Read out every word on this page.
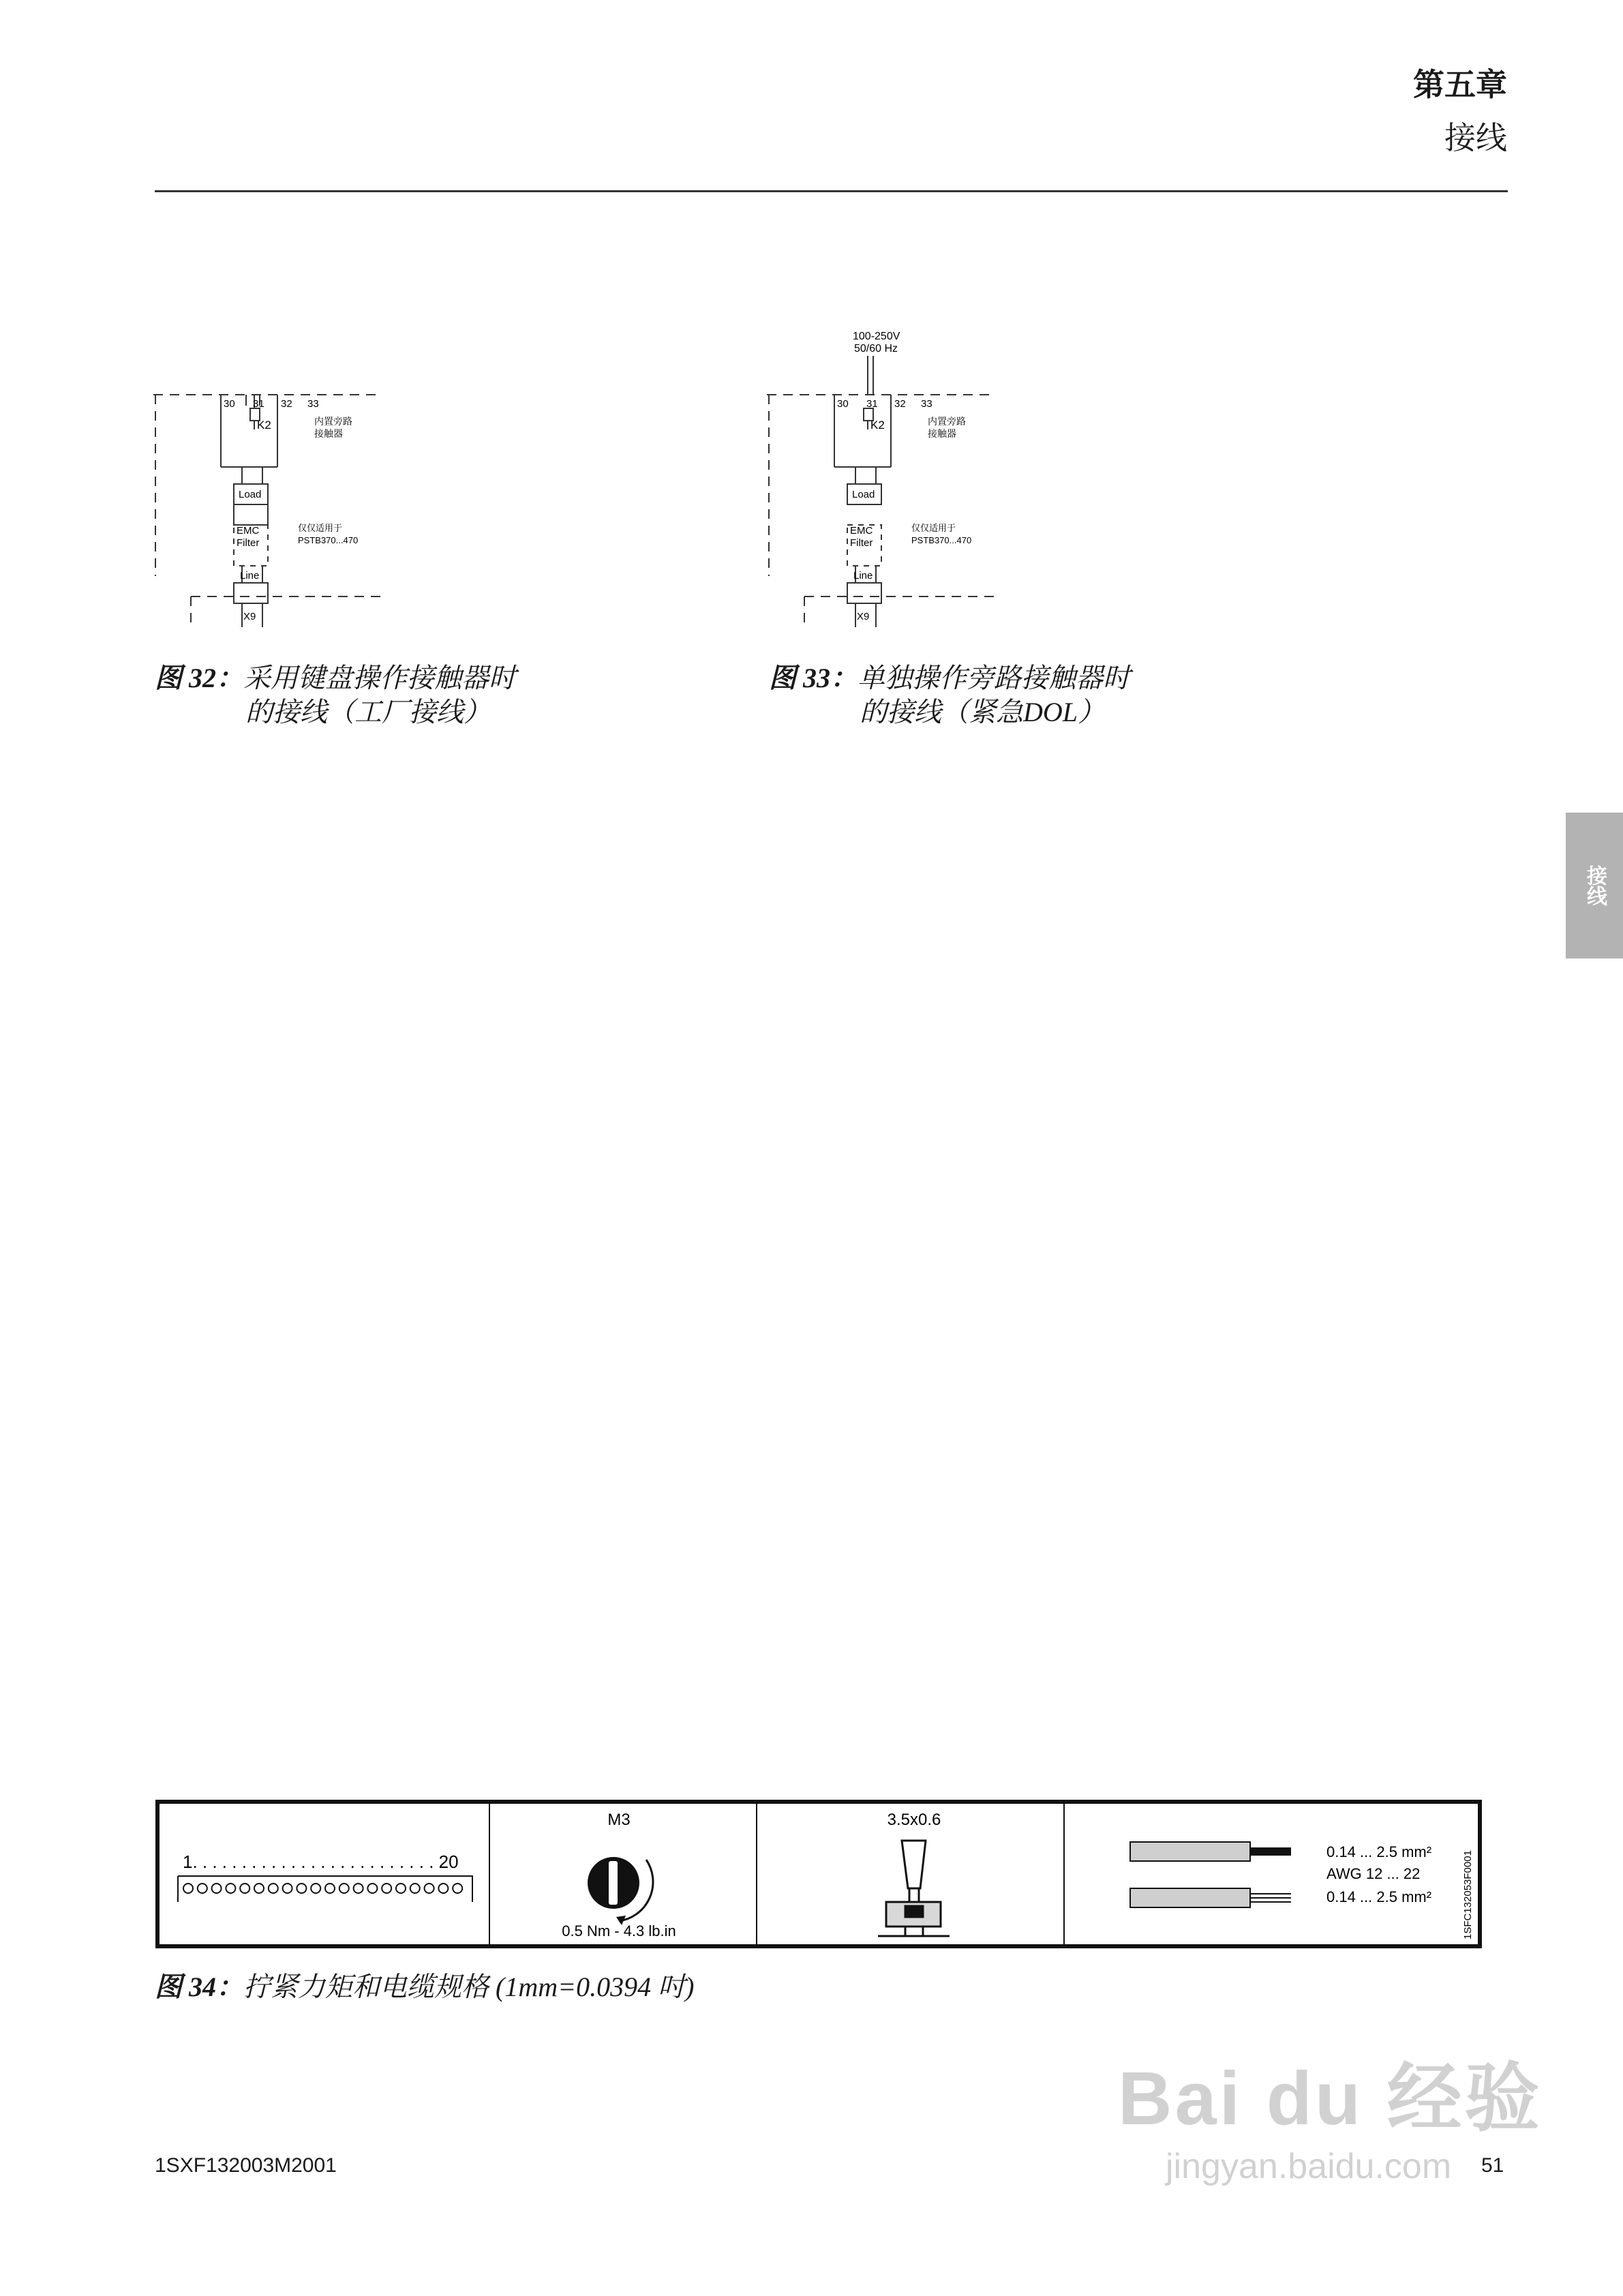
第五章
接线
接线
30 31 32 33
K2	内置旁路
接触器
Load
EMC
Filter
仅仅适用于
PSTB370...470
Line
X9
图 32：采用键盘操作接触器时
的接线（工厂接线）
100-250V
50/60 Hz
30 31 32 33
K2	内置旁路
接触器
Load
EMC
Filter
仅仅适用于
PSTB370...470
Line
X9
图 33：单独操作旁路接触器时
的接线（紧急DOL）
1. . . . . . . . . . . . . . . . . . . . . . . . . 20
M3
0.5 Nm - 4.3 lb.in
3.5x0.6
0.14 ... 2.5 mm²
AWG 12 ... 22
0.14 ... 2.5 mm²	1SFC132053F0001
图 34：拧紧力矩和电缆规格 (1mm=0.0394 吋)
Bai du 经验
jingyan.baidu.com
1SXF132003M2001	51
